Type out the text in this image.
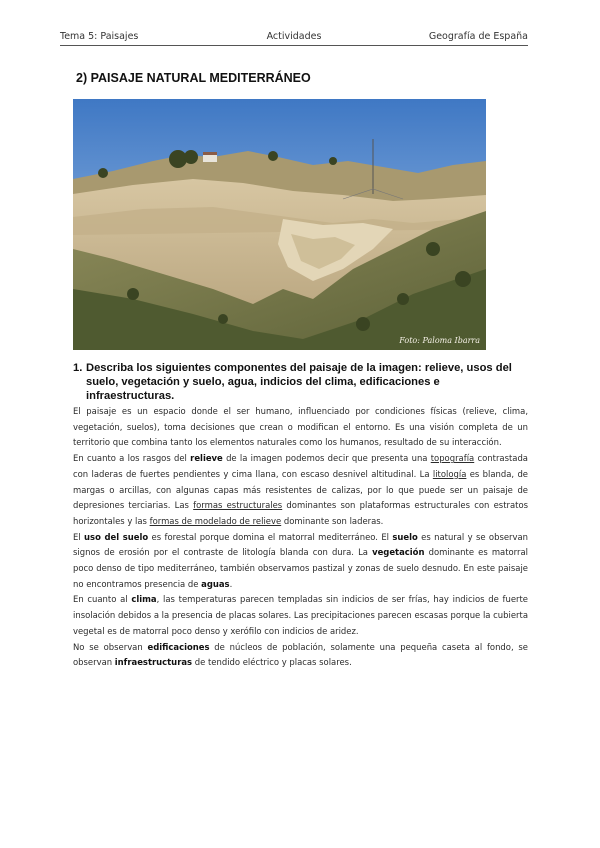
Tema 5: Paisajes	Actividades	Geografía de España
2) PAISAJE NATURAL MEDITERRÁNEO
Foto: Paloma Ibarra
1. Describa los siguientes componentes del paisaje de la imagen: relieve, usos del suelo, vegetación y suelo, agua, indicios del clima, edificaciones e infraestructuras.

El paisaje es un espacio donde el ser humano, influenciado por condiciones físicas (relieve, clima, vegetación, suelos), toma decisiones que crean o modifican el entorno. Es una visión completa de un territorio que combina tanto los elementos naturales como los humanos, resultado de su interacción.

En cuanto a los rasgos del relieve de la imagen podemos decir que presenta una topografía contrastada con laderas de fuertes pendientes y cima llana, con escaso desnivel altitudinal. La litología es blanda, de margas o arcillas, con algunas capas más resistentes de calizas, por lo que puede ser un paisaje de depresiones terciarias. Las formas estructurales dominantes son plataformas estructurales con estratos horizontales y las formas de modelado de relieve dominante son laderas.

El uso del suelo es forestal porque domina el matorral mediterráneo. El suelo es natural y se observan signos de erosión por el contraste de litología blanda con dura. La vegetación dominante es matorral poco denso de tipo mediterráneo, también observamos pastizal y zonas de suelo desnudo. En este paisaje no encontramos presencia de aguas.

En cuanto al clima, las temperaturas parecen templadas sin indicios de ser frías, hay indicios de fuerte insolación debidos a la presencia de placas solares. Las precipitaciones parecen escasas porque la cubierta vegetal es de matorral poco denso y xerófilo con indicios de aridez.

No se observan edificaciones de núcleos de población, solamente una pequeña caseta al fondo, se observan infraestructuras de tendido eléctrico y placas solares.
